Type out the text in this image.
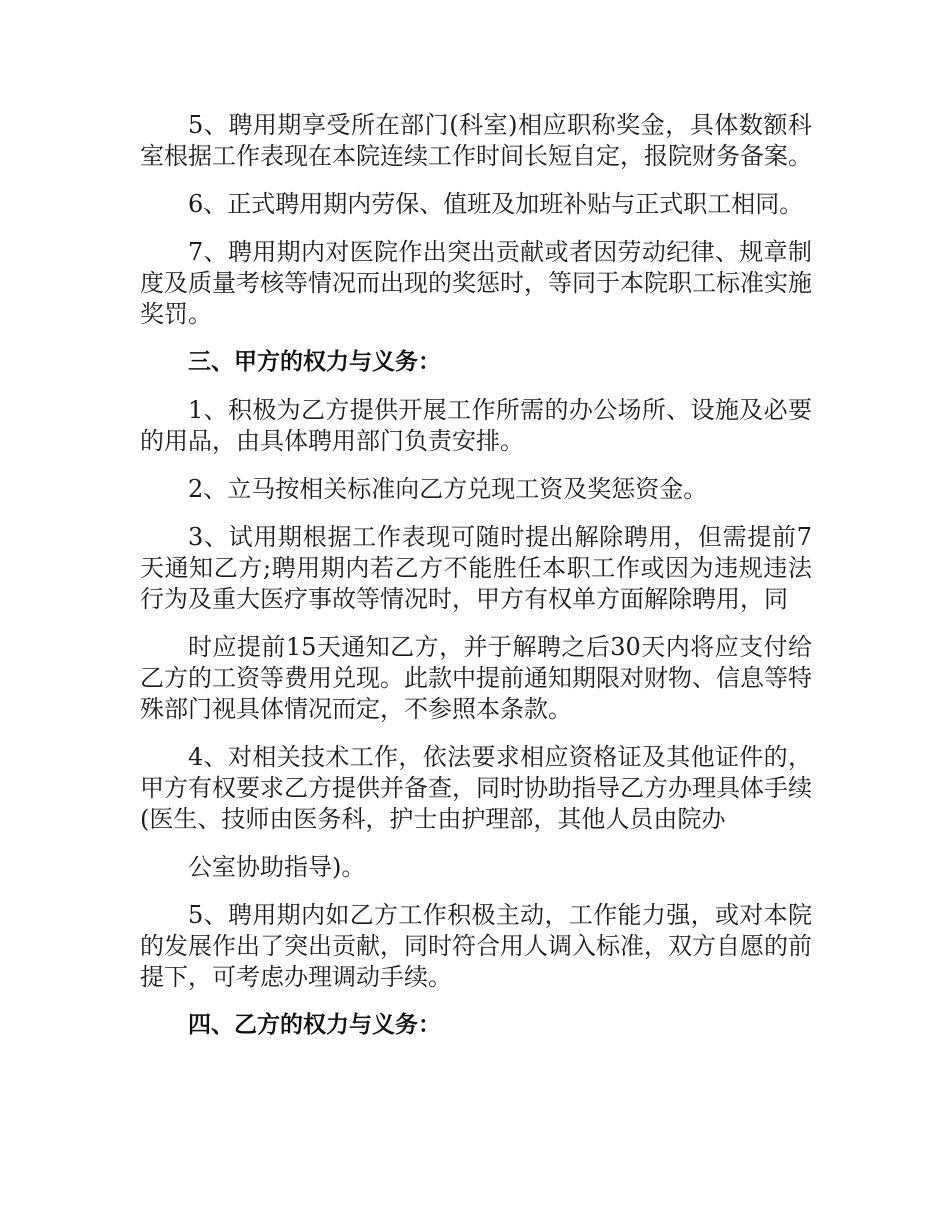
5、聘用期享受所在部门(科室)相应职称奖金，具体数额科室根据工作表现在本院连续工作时间长短自定，报院财务备案。

6、正式聘用期内劳保、值班及加班补贴与正式职工相同。

7、聘用期内对医院作出突出贡献或者因劳动纪律、规章制度及质量考核等情况而出现的奖惩时，等同于本院职工标准实施奖罚。

三、甲方的权力与义务：

1、积极为乙方提供开展工作所需的办公场所、设施及必要的用品，由具体聘用部门负责安排。

2、立马按相关标准向乙方兑现工资及奖惩资金。

3、试用期根据工作表现可随时提出解除聘用，但需提前7天通知乙方;聘用期内若乙方不能胜任本职工作或因为违规违法行为及重大医疗事故等情况时，甲方有权单方面解除聘用，同

时应提前15天通知乙方，并于解聘之后30天内将应支付给乙方的工资等费用兑现。此款中提前通知期限对财物、信息等特殊部门视具体情况而定，不参照本条款。

4、对相关技术工作，依法要求相应资格证及其他证件的，甲方有权要求乙方提供并备查，同时协助指导乙方办理具体手续(医生、技师由医务科，护士由护理部，其他人员由院办

公室协助指导)。

5、聘用期内如乙方工作积极主动，工作能力强，或对本院的发展作出了突出贡献，同时符合用人调入标准，双方自愿的前提下，可考虑办理调动手续。

四、乙方的权力与义务：
